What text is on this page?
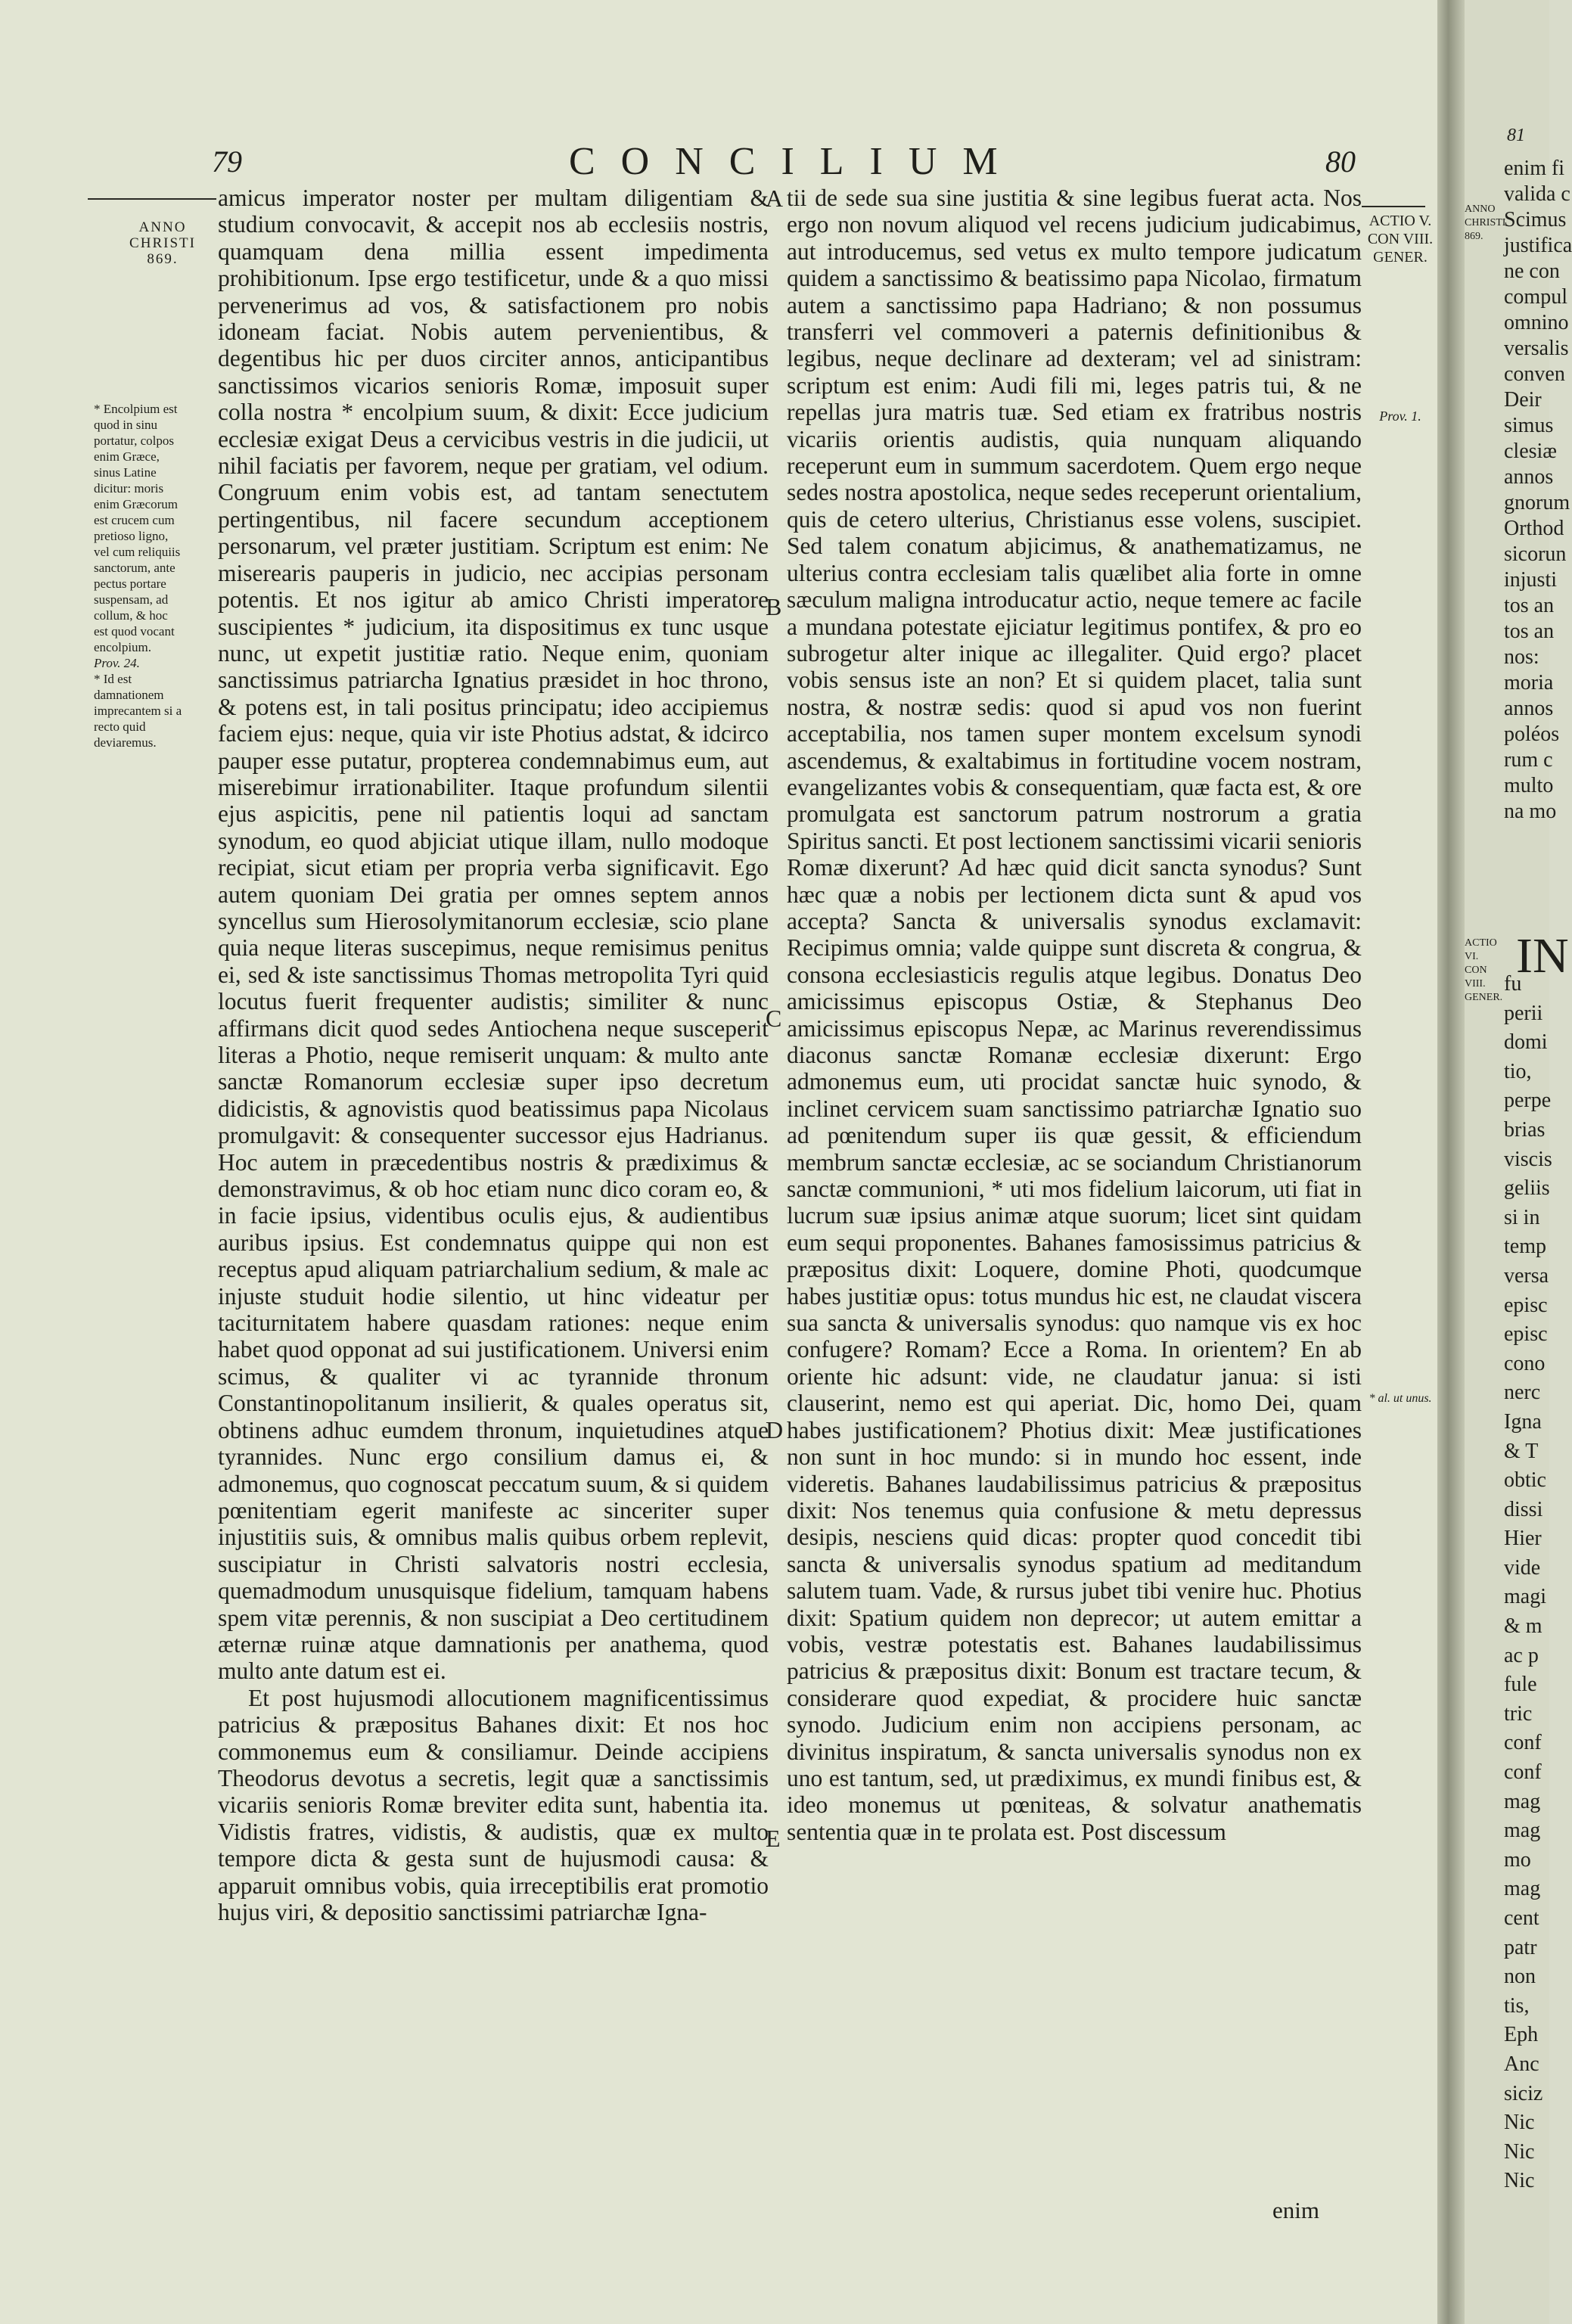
79	CONCILIUM	80
ANNO CHRISTI 869.
* Encolpium est quod in sinu portatur, colpos enim Græce, sinus Latine dicitur: moris enim Græcorum est crucem cum pretioso ligno, vel cum reliquiis sanctorum, ante pectus portare suspensam, ad collum, & hoc est quod vocant encolpium.
Prov. 24.
* Id est damnationem imprecantem si a recto quid deviaremus.

amicus imperator noster per multam diligentiam & studium convocavit, & accepit nos ab ecclesiis nostris, quamquam dena millia essent impedimenta prohibitionum. Ipse ergo testificetur, unde & a quo missi pervenerimus ad vos, & satisfactionem pro nobis idoneam faciat. Nobis autem pervenientibus, & degentibus hic per duos circiter annos, anticipantibus sanctissimos vicarios senioris Romæ, imposuit super colla nostra * encolpium suum, & dixit: Ecce judicium ecclesiæ exigat Deus a cervicibus vestris in die judicii, ut nihil faciatis per favorem, neque per gratiam, vel odium. Congruum enim vobis est, ad tantam senectutem pertingentibus, nil facere secundum acceptionem personarum, vel præter justitiam. Scriptum est enim: Ne miserearis pauperis in judicio, nec accipias personam potentis. Et nos igitur ab amico Christi imperatore suscipientes * judicium, ita dispositimus ex tunc usque nunc, ut expetit justitiæ ratio. Neque enim, quoniam sanctissimus patriarcha Ignatius præsidet in hoc throno, & potens est, in tali positus principatu; ideo accipiemus faciem ejus: neque, quia vir iste Photius adstat, & idcirco pauper esse putatur, propterea condemnabimus eum, aut miserebimur irrationabiliter. Itaque profundum silentii ejus aspicitis, pene nil patientis loqui ad sanctam synodum, eo quod abjiciat utique illam, nullo modoque recipiat, sicut etiam per propria verba significavit. Ego autem quoniam Dei gratia per omnes septem annos syncellus sum Hierosolymitanorum ecclesiæ, scio plane quia neque literas suscepimus, neque remisimus penitus ei, sed & iste sanctissimus Thomas metropolita Tyri quid locutus fuerit frequenter audistis; similiter & nunc affirmans dicit quod sedes Antiochena neque susceperit literas a Photio, neque remiserit unquam: & multo ante sanctæ Romanorum ecclesiæ super ipso decretum didicistis, & agnovistis quod beatissimus papa Nicolaus promulgavit: & consequenter successor ejus Hadrianus. Hoc autem in præcedentibus nostris & prædiximus & demonstravimus, & ob hoc etiam nunc dico coram eo, & in facie ipsius, videntibus oculis ejus, & audientibus auribus ipsius. Est condemnatus quippe qui non est receptus apud aliquam patriarchalium sedium, & male ac injuste studuit hodie silentio, ut hinc videatur per taciturnitatem habere quasdam rationes: neque enim habet quod opponat ad sui justificationem. Universi enim scimus, & qualiter vi ac tyrannide thronum Constantinopolitanum insilierit, & quales operatus sit, obtinens adhuc eumdem thronum, inquietudines atque tyrannides. Nunc ergo consilium damus ei, & admonemus, quo cognoscat peccatum suum, & si quidem pœnitentiam egerit manifeste ac sinceriter super injustitiis suis, & omnibus malis quibus orbem replevit, suscipiatur in Christi salvatoris nostri ecclesia, quemadmodum unusquisque fidelium, tamquam habens spem vitæ perennis, & non suscipiat a Deo certitudinem æternæ ruinæ atque damnationis per anathema, quod multo ante datum est ei.

Et post hujusmodi allocutionem magnificentissimus patricius & præpositus Bahanes dixit: Et nos hoc commonemus eum & consiliamur. Deinde accipiens Theodorus devotus a secretis, legit quæ a sanctissimis vicariis senioris Romæ breviter edita sunt, habentia ita. Vidistis fratres, vidistis, & audistis, quæ ex multo tempore dicta & gesta sunt de hujusmodi causa: & apparuit omnibus vobis, quia irreceptibilis erat promotio hujus viri, & depositio sanctissimi patriarchæ Igna-

A
B
C
D
E

tii de sede sua sine justitia & sine legibus fuerat acta. Nos ergo non novum aliquod vel recens judicium judicabimus, aut introducemus, sed vetus ex multo tempore judicatum quidem a sanctissimo & beatissimo papa Nicolao, firmatum autem a sanctissimo papa Hadriano; & non possumus transferri vel commoveri a paternis definitionibus & legibus, neque declinare ad dexteram; vel ad sinistram: scriptum est enim: Audi fili mi, leges patris tui, & ne repellas jura matris tuæ. Sed etiam ex fratribus nostris vicariis orientis audistis, quia nunquam aliquando receperunt eum in summum sacerdotem. Quem ergo neque sedes nostra apostolica, neque sedes receperunt orientalium, quis de cetero ulterius, Christianus esse volens, suscipiet. Sed talem conatum abjicimus, & anathematizamus, ne ulterius contra ecclesiam talis quælibet alia forte in omne sæculum maligna introducatur actio, neque temere ac facile a mundana potestate ejiciatur legitimus pontifex, & pro eo subrogetur alter inique ac illegaliter. Quid ergo? placet vobis sensus iste an non? Et si quidem placet, talia sunt nostra, & nostræ sedis: quod si apud vos non fuerint acceptabilia, nos tamen super montem excelsum synodi ascendemus, & exaltabimus in fortitudine vocem nostram, evangelizantes vobis & consequentiam, quæ facta est, & ore promulgata est sanctorum patrum nostrorum a gratia Spiritus sancti. Et post lectionem sanctissimi vicarii senioris Romæ dixerunt? Ad hæc quid dicit sancta synodus? Sunt hæc quæ a nobis per lectionem dicta sunt & apud vos accepta? Sancta & universalis synodus exclamavit: Recipimus omnia; valde quippe sunt discreta & congrua, & consona ecclesiasticis regulis atque legibus. Donatus Deo amicissimus episcopus Ostiæ, & Stephanus Deo amicissimus episcopus Nepæ, ac Marinus reverendissimus diaconus sanctæ Romanæ ecclesiæ dixerunt: Ergo admonemus eum, uti procidat sanctæ huic synodo, & inclinet cervicem suam sanctissimo patriarchæ Ignatio suo ad pœnitendum super iis quæ gessit, & efficiendum membrum sanctæ ecclesiæ, ac se sociandum Christianorum sanctæ communioni, * uti mos fidelium laicorum, uti fiat in lucrum suæ ipsius animæ atque suorum; licet sint quidam eum sequi proponentes. Bahanes famosissimus patricius & præpositus dixit: Loquere, domine Photi, quodcumque habes justitiæ opus: totus mundus hic est, ne claudat viscera sua sancta & universalis synodus: quo namque vis ex hoc confugere? Romam? Ecce a Roma. In orientem? En ab oriente hic adsunt: vide, ne claudatur janua: si isti clauserint, nemo est qui aperiat. Dic, homo Dei, quam habes justificationem? Photius dixit: Meæ justificationes non sunt in hoc mundo: si in mundo hoc essent, inde videretis. Bahanes laudabilissimus patricius & præpositus dixit: Nos tenemus quia confusione & metu depressus desipis, nesciens quid dicas: propter quod concedit tibi sancta & universalis synodus spatium ad meditandum salutem tuam. Vade, & rursus jubet tibi venire huc. Photius dixit: Spatium quidem non deprecor; ut autem emittar a vobis, vestræ potestatis est. Bahanes laudabilissimus patricius & præpositus dixit: Bonum est tractare tecum, & considerare quod expediat, & procidere huic sanctæ synodo. Judicium enim non accipiens personam, ac divinitus inspiratum, & sancta universalis synodus non ex uno est tantum, sed, ut prædiximus, ex mundi finibus est, & ideo monemus ut pœniteas, & solvatur anathematis sententia quæ in te prolata est. Post discessum

ACTIO V. CON VIII. GENER.
Prov. 1.
* al. ut unus.
enim
81
ANNO CHRISTI 869.
enim fi
valida c
Scimus
justifica
ne con
compul
omnino
versalis
conven
Deir
simus
clesiæ
annos
gnorum
Orthod
sicorun
injusti
tos an
tos an
nos:
moria
annos
poléos
rum c
multo
na mo
ACTIO VI. CON VIII. GENER.
IN
fu
perii
domi
tio,
perpe
brias
viscis
geliis
si in
temp
versa
episc
episc
cono
nerc
Igna
& T
obtic
dissi
Hier
vide
magi
& m
ac p
fule
tric
conf
conf
mag
mag
mo
mag
cent
patr
non
tis,
Eph
Anc
siciz
Nic
Nic
Nic
